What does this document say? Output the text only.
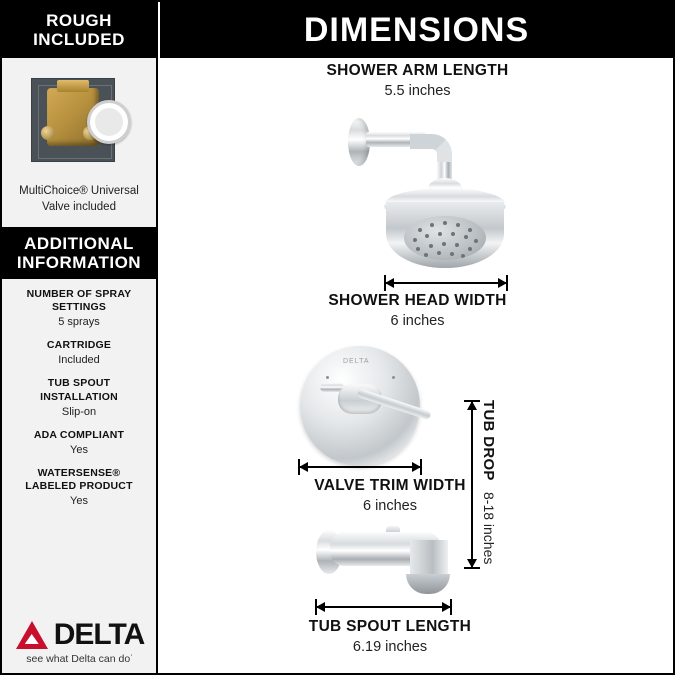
ROUGH
INCLUDED
MultiChoice® Universal
Valve included
ADDITIONAL
INFORMATION
NUMBER OF SPRAY
SETTINGS
5 sprays
CARTRIDGE
Included
TUB SPOUT
INSTALLATION
Slip-on
ADA COMPLIANT
Yes
WATERSENSE®
LABELED PRODUCT
Yes
DELTA
see what Delta can do˙
DIMENSIONS
SHOWER ARM LENGTH
5.5 inches
SHOWER HEAD WIDTH
6 inches
DELTA
VALVE TRIM WIDTH
6 inches
TUB DROP
8-18 inches
TUB SPOUT LENGTH
6.19 inches
